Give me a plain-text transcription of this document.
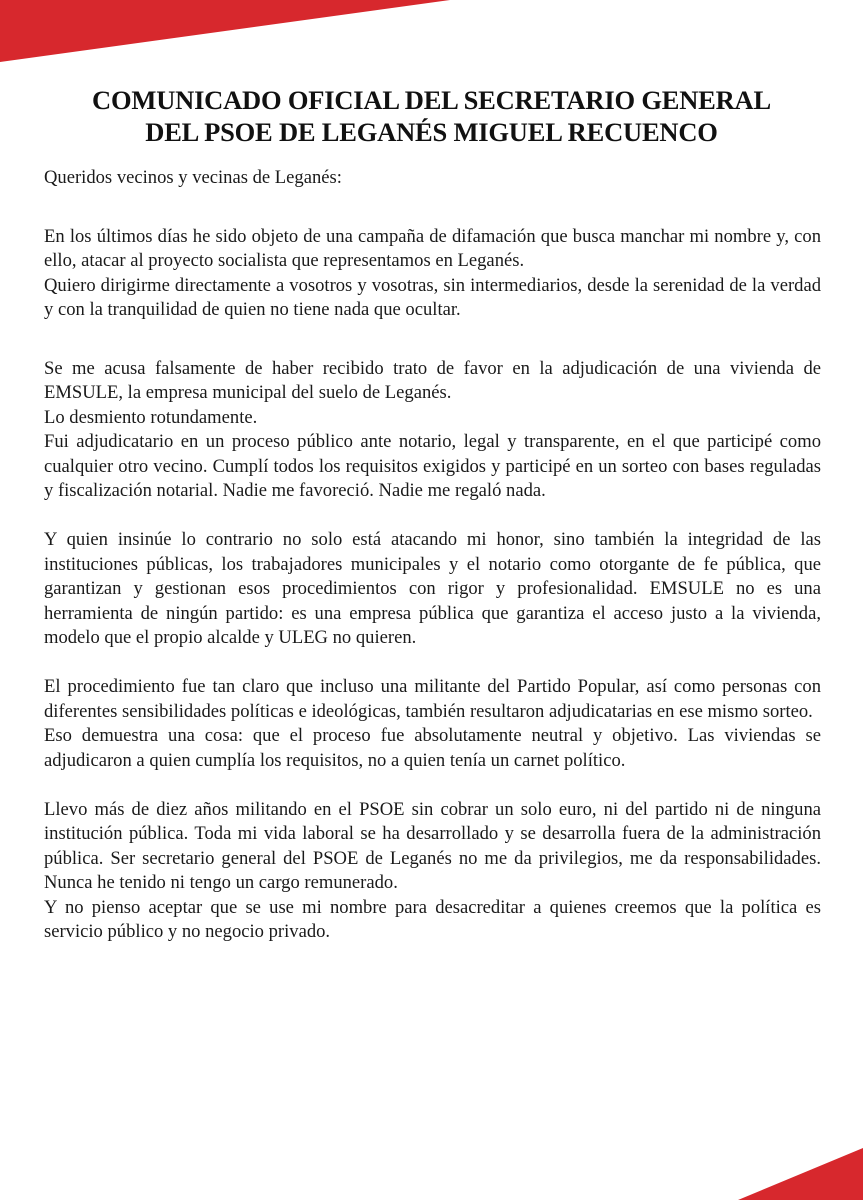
COMUNICADO OFICIAL DEL SECRETARIO GENERAL
DEL PSOE DE LEGANÉS MIGUEL RECUENCO

Queridos vecinos y vecinas de Leganés:

En los últimos días he sido objeto de una campaña de difamación que busca manchar mi nombre y, con ello, atacar al proyecto socialista que representamos en Leganés.

Quiero dirigirme directamente a vosotros y vosotras, sin intermediarios, desde la serenidad de la verdad y con la tranquilidad de quien no tiene nada que ocultar.

Se me acusa falsamente de haber recibido trato de favor en la adjudicación de una vivienda de EMSULE, la empresa municipal del suelo de Leganés.

Lo desmiento rotundamente.

Fui adjudicatario en un proceso público ante notario, legal y transparente, en el que participé como cualquier otro vecino. Cumplí todos los requisitos exigidos y participé en un sorteo con bases reguladas y fiscalización notarial. Nadie me favoreció. Nadie me regaló nada.

Y quien insinúe lo contrario no solo está atacando mi honor, sino también la integridad de las instituciones públicas, los trabajadores municipales y el notario como otorgante de fe pública, que garantizan y gestionan esos procedimientos con rigor y profesionalidad. EMSULE no es una herramienta de ningún partido: es una empresa pública que garantiza el acceso justo a la vivienda, modelo que el propio alcalde y ULEG no quieren.

El procedimiento fue tan claro que incluso una militante del Partido Popular, así como personas con diferentes sensibilidades políticas e ideológicas, también resultaron adjudicatarias en ese mismo sorteo.

Eso demuestra una cosa: que el proceso fue absolutamente neutral y objetivo. Las viviendas se adjudicaron a quien cumplía los requisitos, no a quien tenía un carnet político.

Llevo más de diez años militando en el PSOE sin cobrar un solo euro, ni del partido ni de ninguna institución pública. Toda mi vida laboral se ha desarrollado y se desarrolla fuera de la administración pública. Ser secretario general del PSOE de Leganés no me da privilegios, me da responsabilidades. Nunca he tenido ni tengo un cargo remunerado.

Y no pienso aceptar que se use mi nombre para desacreditar a quienes creemos que la política es servicio público y no negocio privado.
